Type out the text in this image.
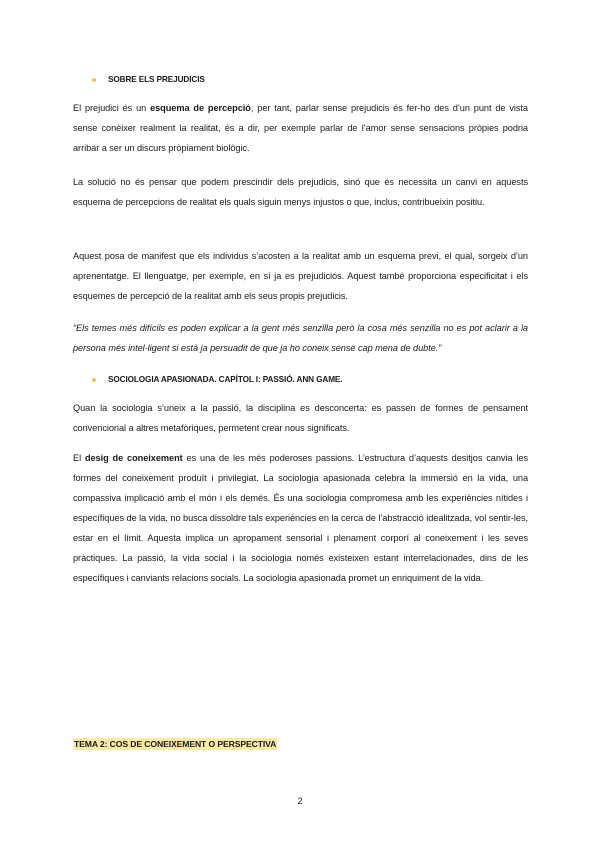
SOBRE ELS PREJUDICIS
El prejudici és un esquema de percepció, per tant, parlar sense prejudicis és fer-ho des d’un punt de vista sense conèixer realment la realitat, és a dir, per exemple parlar de l’amor sense sensacions pròpies podria arribar a ser un discurs pròpiament biològic.
La solució no és pensar que podem prescindir dels prejudicis, sinó que és necessita un canvi en aquests esquema de percepcions de realitat els quals siguin menys injustos o que, inclus, contribueixin positiu.
Aquest posa de manifest que els individus s’acosten a la realitat amb un esquema previ, el qual, sorgeix d’un aprenentatge. El llenguatge, per exemple, en sí ja es prejudiciós. Aquest també proporciona especificitat i els esquemes de percepció de la realitat amb els seus propis prejudicis.
“Els temes més difícils es poden explicar a la gent més senzilla però la cosa més senzilla no es pot aclarir a la persona més intel·ligent si està ja persuadit de que ja ho coneix sense cap mena de dubte.”
SOCIOLOGIA APASIONADA. CAPÍTOL I: PASSIÓ. ANN GAME.
Quan la sociologia s’uneix a la passió, la disciplina es desconcerta: es passen de formes de pensament convencional a altres metafòriques, permetent crear nous significats.
El desig de coneixement es una de les més poderoses passions. L’estructura d’aquests desitjos canvia les formes del coneixement produït i privilegiat. La sociologia apasionada celebra la immersió en la vida, una compassiva implicació amb el món i els demés. És una sociologia compromesa amb les experiències nítides i específiques de la vida, no busca dissoldre tals experiències en la cerca de l’abstracció idealitzada, vol sentir-les, estar en el límit. Aquesta implica un apropament sensorial i plenament corporí al coneixement i les seves pràctiques. La passió, la vida social i la sociologia només existeixen estant interrelacionades, dins de les específiques i canviants relacions socials. La sociologia apasionada promet un enriquiment de la vida.
TEMA 2: COS DE CONEIXEMENT O PERSPECTIVA
2
